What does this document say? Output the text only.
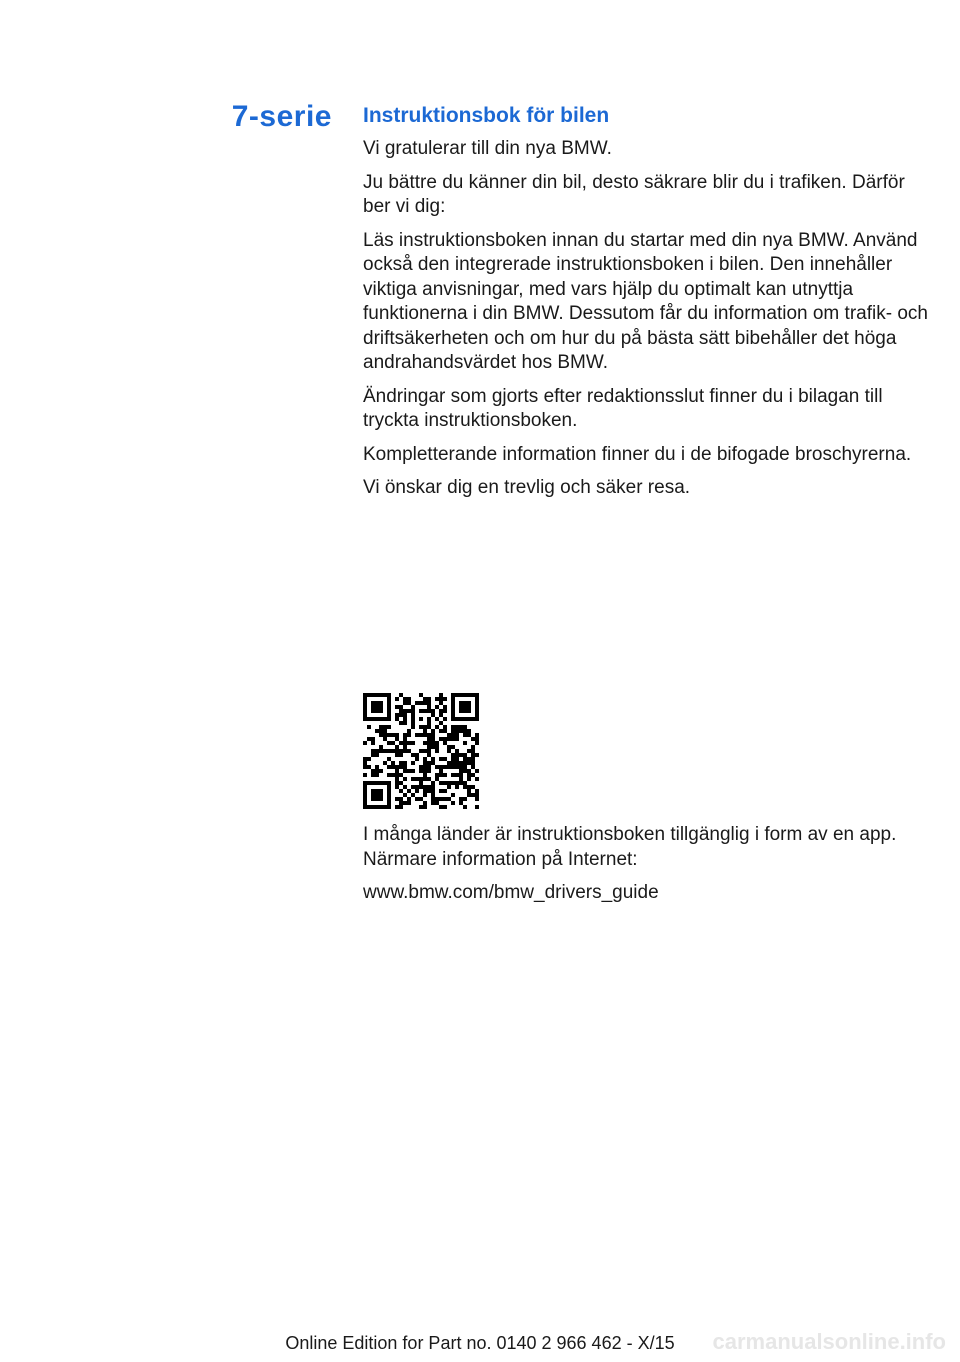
7-serie Instruktionsbok för bilen

Vi gratulerar till din nya BMW.

Ju bättre du känner din bil, desto säkrare blir du i trafiken. Därför ber vi dig:

Läs instruktionsboken innan du startar med din nya BMW. Använd också den integrerade instruktionsboken i bilen. Den innehåller viktiga anvisningar, med vars hjälp du optimalt kan utnyttja funktionerna i din BMW. Dessutom får du information om trafik- och driftsäkerheten och om hur du på bästa sätt bibehåller det höga andrahandsvärdet hos BMW.

Ändringar som gjorts efter redaktionsslut finner du i bilagan till tryckta instruktionsboken.

Kompletterande information finner du i de bifogade broschyrerna.

Vi önskar dig en trevlig och säker resa.

I många länder är instruktionsboken tillgänglig i form av en app. Närmare information på Internet:

www.bmw.com/bmw_drivers_guide

Online Edition for Part no. 0140 2 966 462 - X/15 carmanualsonline.info
